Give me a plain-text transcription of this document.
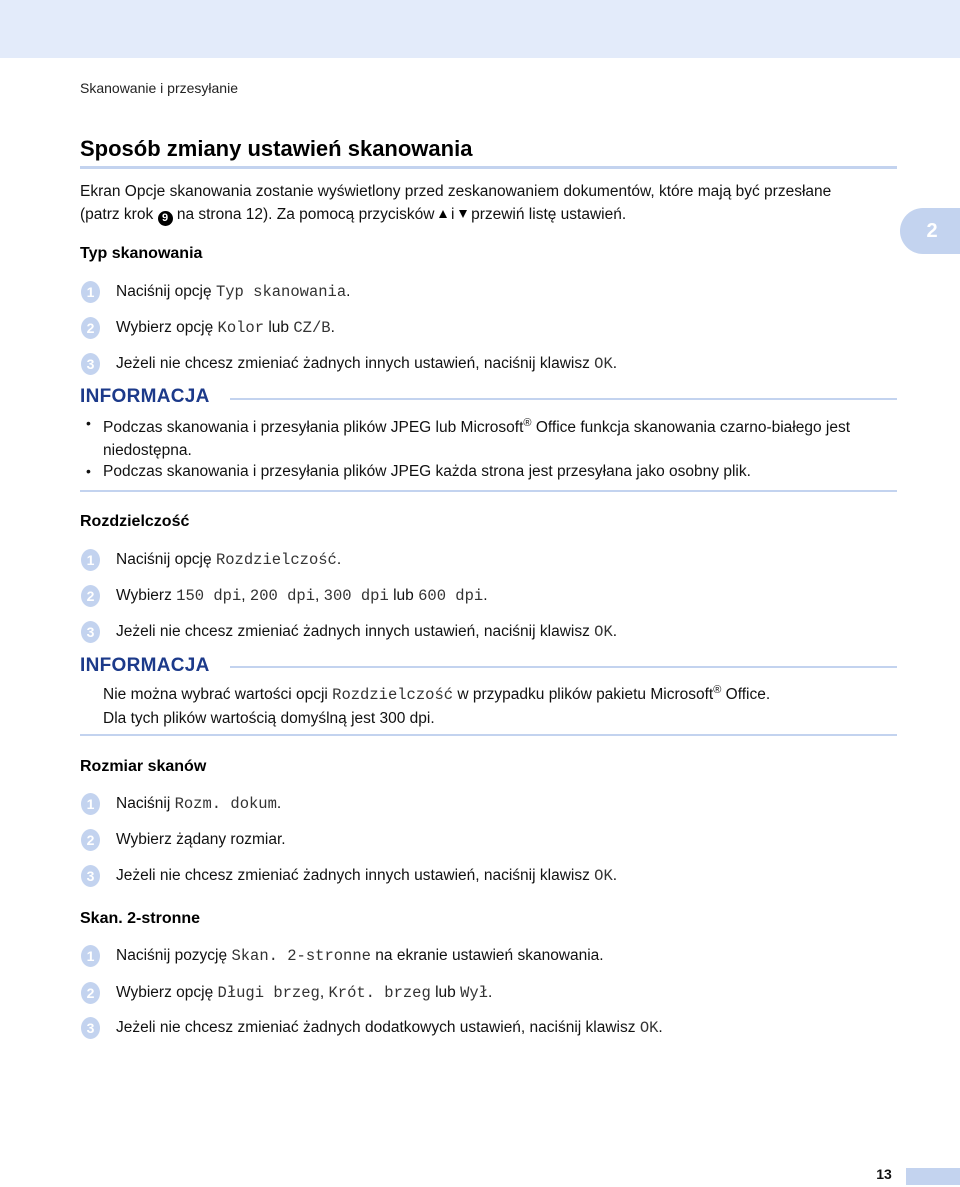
Skanowanie i przesyłanie
Sposób zmiany ustawień skanowania
Ekran Opcje skanowania zostanie wyświetlony przed zeskanowaniem dokumentów, które mają być przesłane
(patrz krok 9 na strona 12). Za pomocą przycisków  i  przewiń listę ustawień.
2
Typ skanowania
1	Naciśnij opcję Typ skanowania.
2	Wybierz opcję Kolor lub CZ/B.
3	Jeżeli nie chcesz zmieniać żadnych innych ustawień, naciśnij klawisz OK.
INFORMACJA
• Podczas skanowania i przesyłania plików JPEG lub Microsoft® Office funkcja skanowania czarno-białego jest niedostępna.
• Podczas skanowania i przesyłania plików JPEG każda strona jest przesyłana jako osobny plik.
Rozdzielczość
1	Naciśnij opcję Rozdzielczość.
2	Wybierz 150 dpi, 200 dpi, 300 dpi lub 600 dpi.
3	Jeżeli nie chcesz zmieniać żadnych innych ustawień, naciśnij klawisz OK.
INFORMACJA
Nie można wybrać wartości opcji Rozdzielczość w przypadku plików pakietu Microsoft® Office.
Dla tych plików wartością domyślną jest 300 dpi.
Rozmiar skanów
1	Naciśnij Rozm. dokum.
2	Wybierz żądany rozmiar.
3	Jeżeli nie chcesz zmieniać żadnych innych ustawień, naciśnij klawisz OK.
Skan. 2-stronne
1	Naciśnij pozycję Skan. 2-stronne na ekranie ustawień skanowania.
2	Wybierz opcję Długi brzeg, Krót. brzeg lub Wył.
3	Jeżeli nie chcesz zmieniać żadnych dodatkowych ustawień, naciśnij klawisz OK.
13
